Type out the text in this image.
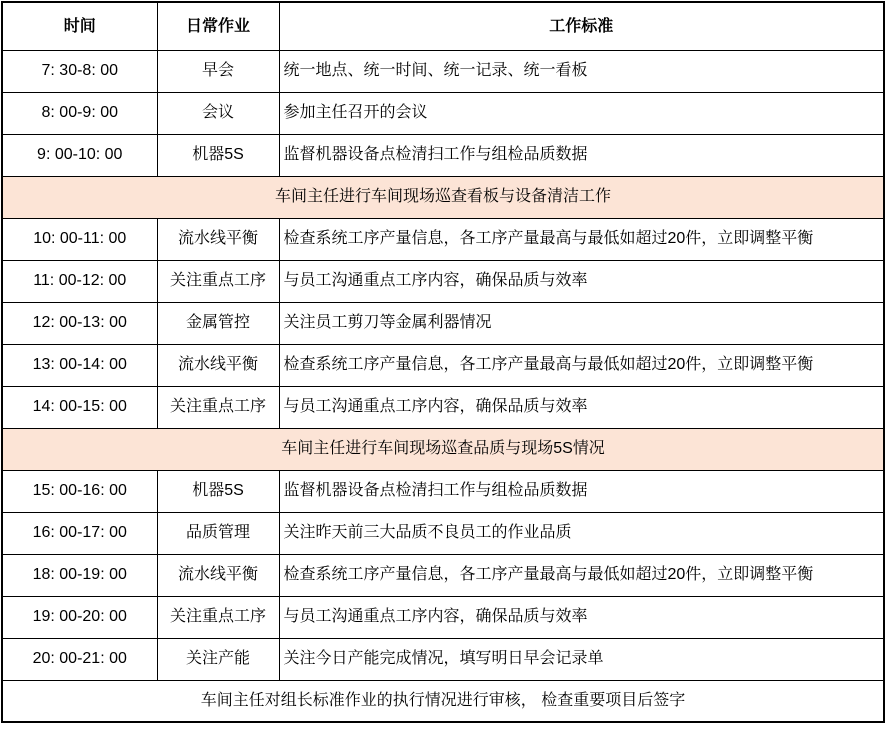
时间	日常作业	工作标准
7: 30-8: 00	早会	统一地点、统一时间、统一记录、统一看板
8: 00-9: 00	会议	参加主任召开的会议
9: 00-10: 00	机器5S	监督机器设备点检清扫工作与组检品质数据
车间主任进行车间现场巡查看板与设备清洁工作		
10: 00-11: 00	流水线平衡	检查系统工序产量信息，各工序产量最高与最低如超过20件，立即调整平衡
11: 00-12: 00	关注重点工序	与员工沟通重点工序内容，确保品质与效率
12: 00-13: 00	金属管控	关注员工剪刀等金属利器情况
13: 00-14: 00	流水线平衡	检查系统工序产量信息，各工序产量最高与最低如超过20件，立即调整平衡
14: 00-15: 00	关注重点工序	与员工沟通重点工序内容，确保品质与效率
车间主任进行车间现场巡查品质与现场5S情况		
15: 00-16: 00	机器5S	监督机器设备点检清扫工作与组检品质数据
16: 00-17: 00	品质管理	关注昨天前三大品质不良员工的作业品质
18: 00-19: 00	流水线平衡	检查系统工序产量信息，各工序产量最高与最低如超过20件，立即调整平衡
19: 00-20: 00	关注重点工序	与员工沟通重点工序内容，确保品质与效率
20: 00-21: 00	关注产能	关注今日产能完成情况，填写明日早会记录单
车间主任对组长标准作业的执行情况进行审核， 检查重要项目后签字		
